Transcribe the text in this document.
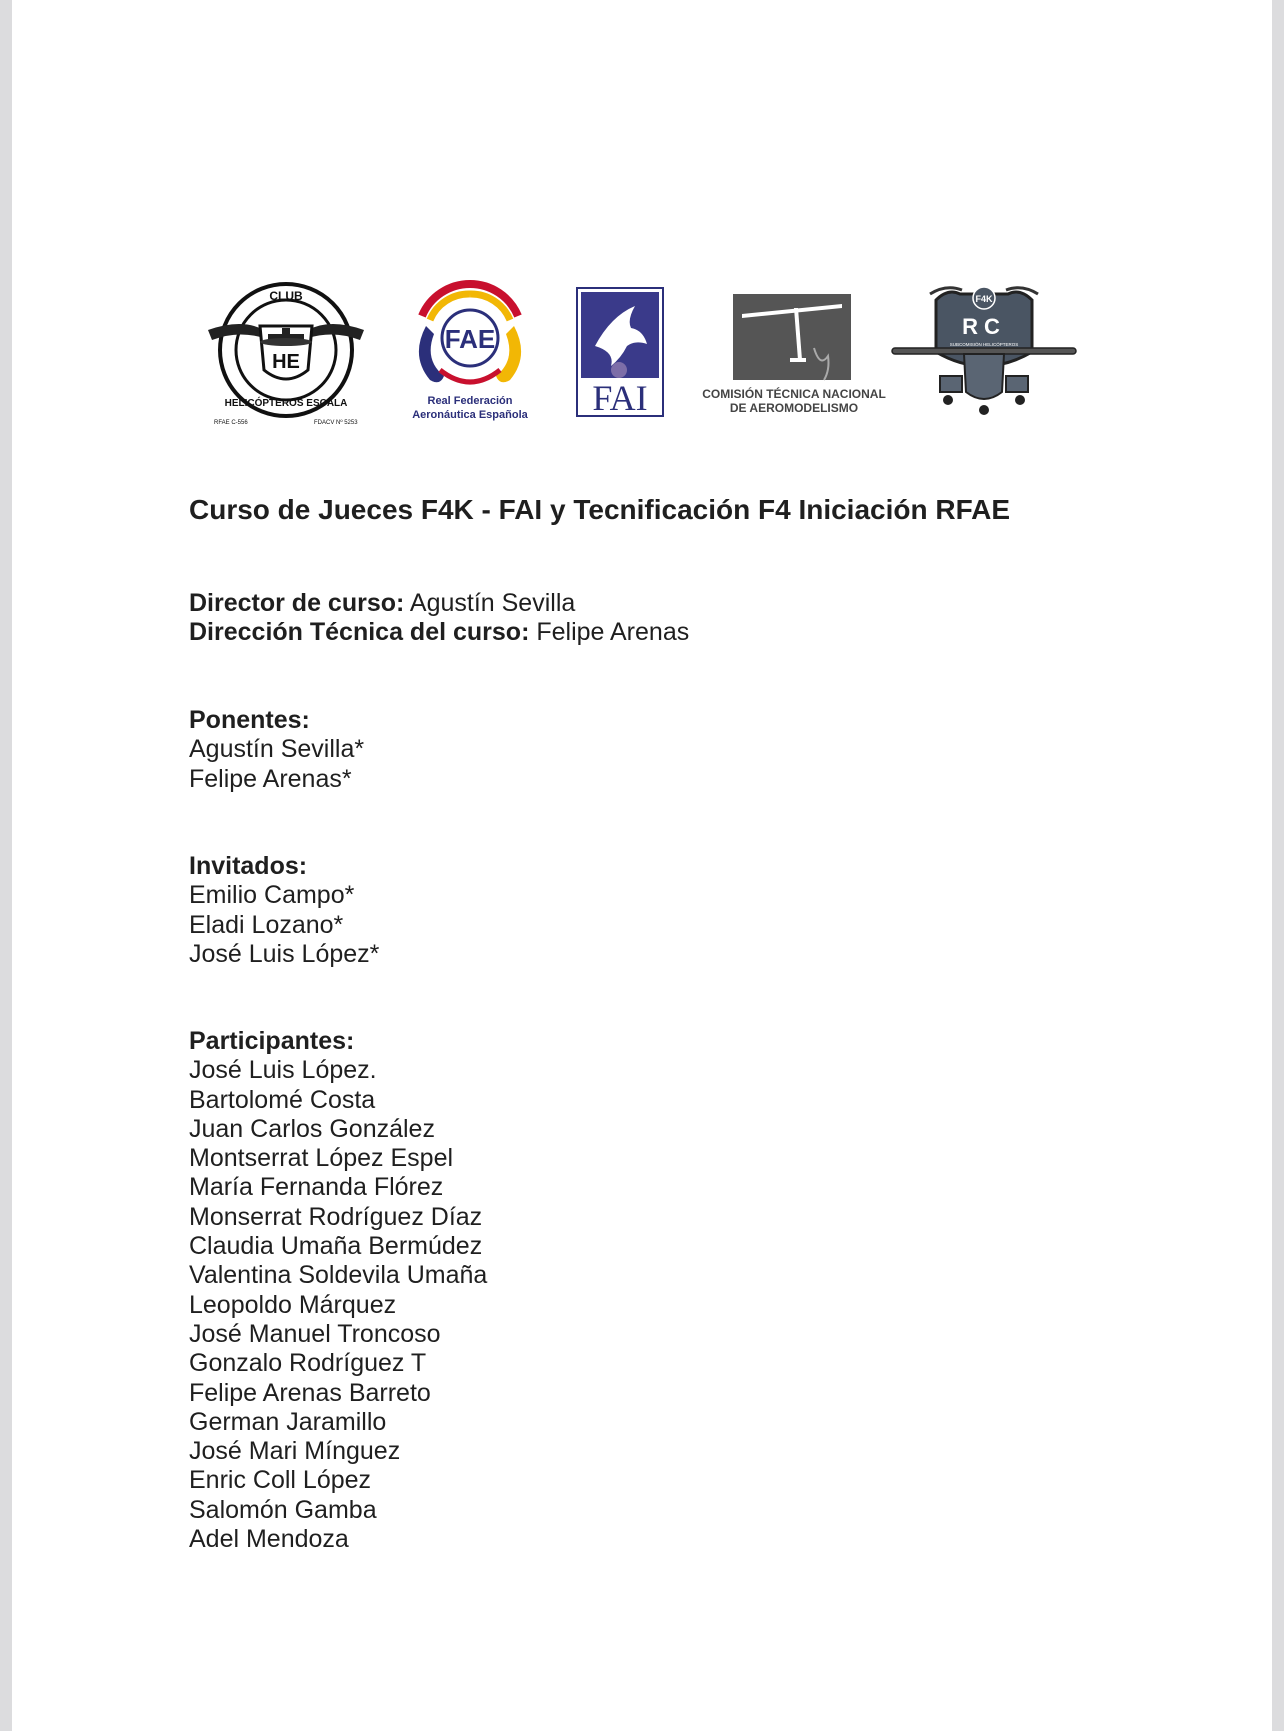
HE
CLUB
HELICÓPTEROS ESCALA
RFAE C-556	FDACV Nº 5253
FAE
Real Federación
Aeronáutica Española FAI	COMISIÓN TÉCNICA NACIONAL
DE AEROMODELISMO
F4K
RC
SUBCOMISIÓN HELICÓPTEROS
Curso de Jueces F4K - FAI y Tecnificación F4 Iniciación RFAE
Director de curso: Agustín Sevilla
Dirección Técnica del curso: Felipe Arenas
Ponentes:
Agustín Sevilla*
Felipe Arenas*
Invitados:
Emilio Campo*
Eladi Lozano*
José Luis López*
Participantes:
José Luis López.
Bartolomé Costa
Juan Carlos González
Montserrat López Espel
María Fernanda Flórez
Monserrat Rodríguez Díaz
Claudia Umaña Bermúdez
Valentina Soldevila Umaña
Leopoldo Márquez
José Manuel Troncoso
Gonzalo Rodríguez T
Felipe Arenas Barreto
German Jaramillo
José Mari Mínguez
Enric Coll López
Salomón Gamba
Adel Mendoza
